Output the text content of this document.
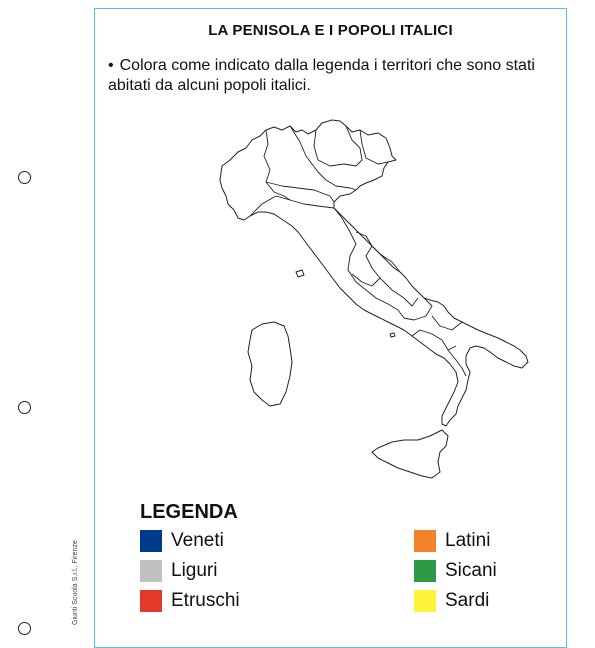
LA PENISOLA E I POPOLI ITALICI
• Colora come indicato dalla legenda i territori che sono stati abitati da alcuni popoli italici.
LEGENDA
Veneti
Liguri
Etruschi
Latini
Sicani
Sardi
Giunti Scuola S.r.l., Firenze
